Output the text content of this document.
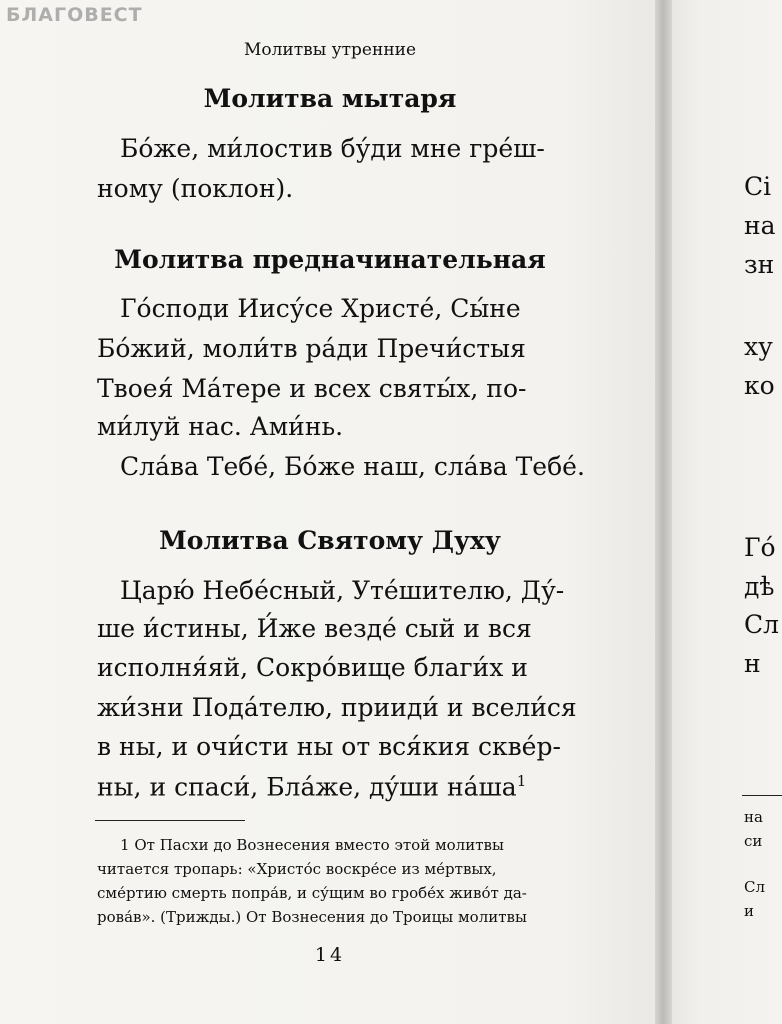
БЛАГОВЕСТ
Молитвы утренние
Молитва мытаря
Бо́же, ми́лостив бу́ди мне гре́ш-
ному (поклон).
Молитва предначинательная
Го́споди Иису́се Христе́, Сы́не
Бо́жий, моли́тв ра́ди Пречи́стыя
Твоея́ Ма́тере и всех святы́х, по-
ми́луй нас. Ами́нь.
Сла́ва Тебе́, Бо́же наш, сла́ва Тебе́.
Молитва Святому Духу
Царю́ Небе́сный, Уте́шителю, Ду́-
ше и́стины, И́же везде́ сый и вся
исполня́яй, Сокро́вище благи́х и
жи́зни Пода́телю, прииди́ и всели́ся
в ны, и очи́сти ны от вся́кия скве́р-
ны, и спаси́, Бла́же, ду́ши $на́ша^1$
1 От Пасхи до Вознесения вместо этой молитвы
читается тропарь: «Христо́с воскре́се из ме́ртвых,
сме́ртию смерть попра́в, и су́щим во гробе́х живо́т да-
рова́в». (Трижды.) От Вознесения до Троицы молитвы
14
Сі
на
зн
ху
ко
Го́
дѣ
Сл
н
на
си
Сл
и
